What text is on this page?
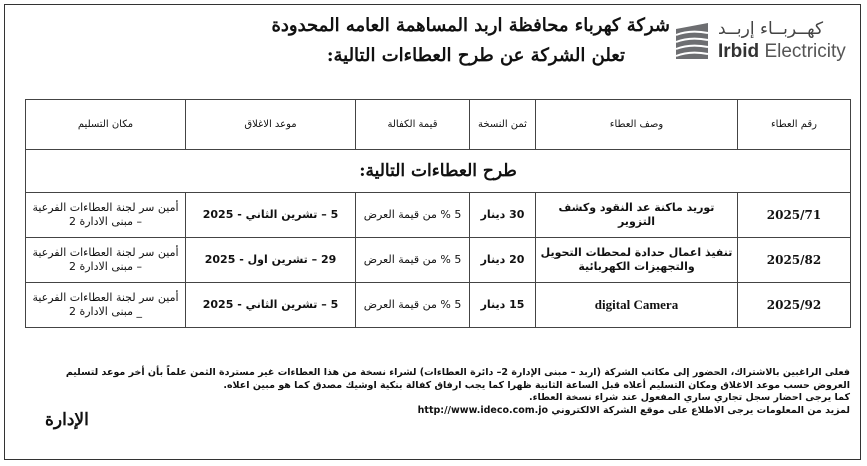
كهــربــاء إربــد
Irbid Electricity
شركة كهرباء محافظة اربد المساهمة العامه المحدودة
تعلن الشركة عن طرح العطاءات التالية:
رقم العطاء	وصف العطاء	ثمن النسخة	قيمة الكفالة	موعد الاغلاق	مكان التسليم
طرح العطاءات التالية:					
2025/71	توريد ماكنة عد النقود وكشف التزوير	30 دينار	5 % من قيمة العرض	5 – تشرين الثاني - 2025	أمين سر لجنة العطاءات الفرعية – مبنى الادارة 2
2025/82	تنفيذ اعمال حدادة لمحطات التحويل والتجهيزات الكهربائية	20 دينار	5 % من قيمة العرض	29 – تشرين اول - 2025	أمين سر لجنة العطاءات الفرعية – مبنى الادارة 2
2025/92	digital Camera	15 دينار	5 % من قيمة العرض	5 – تشرين الثاني - 2025	أمين سر لجنة العطاءات الفرعية _ مبنى الادارة 2
فعلى الراغبين بالاشتراك، الحضور إلى مكاتب الشركة (اربد – مبنى الإدارة 2– دائرة العطاءات) لشراء نسخة من هذا العطاءات غير مستردة الثمن علماً بأن أخر موعد لتسليم
العروض حسب موعد الاغلاق ومكان التسليم أعلاه قبل الساعة الثانية ظهرا كما يجب ارفاق كفالة بنكية اوشيك مصدق كما هو مبين اعلاه.
كما يرجى احضار سجل تجاري ساري المفعول عند شراء نسخة العطاء.
لمزيد من المعلومات يرجى الاطلاع على موقع الشركة الالكتروني http://www.ideco.com.jo
الإدارة
